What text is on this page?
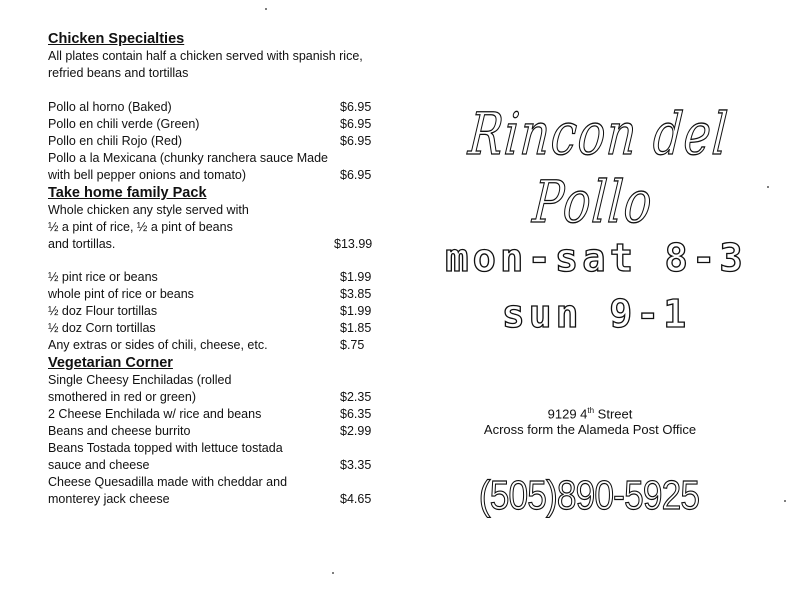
Chicken Specialties
All plates contain half a chicken served with spanish rice, refried beans and tortillas
Pollo al horno (Baked)	$6.95
Pollo en chili verde (Green)	$6.95
Pollo en chili Rojo (Red)	$6.95
Pollo a la Mexicana (chunky ranchera sauce Made with bell pepper onions and tomato)	$6.95
Take home family Pack
Whole chicken any style served with ½ a pint of rice, ½ a pint of beans and tortillas.	$13.99
½ pint rice or beans	$1.99
whole pint of rice or beans	$3.85
½ doz Flour tortillas	$1.99
½ doz Corn tortillas	$1.85
Any extras or sides of chili, cheese, etc.	$.75
Vegetarian Corner
Single Cheesy Enchiladas (rolled smothered in red or green)	$2.35
2 Cheese Enchilada w/ rice and beans	$6.35
Beans and cheese burrito	$2.99
Beans Tostada topped with lettuce tostada sauce and cheese	$3.35
Cheese Quesadilla made with cheddar and monterey jack cheese	$4.65
Rincon del Pollo
mon-sat 8-3
sun 9-1
9129 4th Street
Across form the Alameda Post Office
(505)890-5925
